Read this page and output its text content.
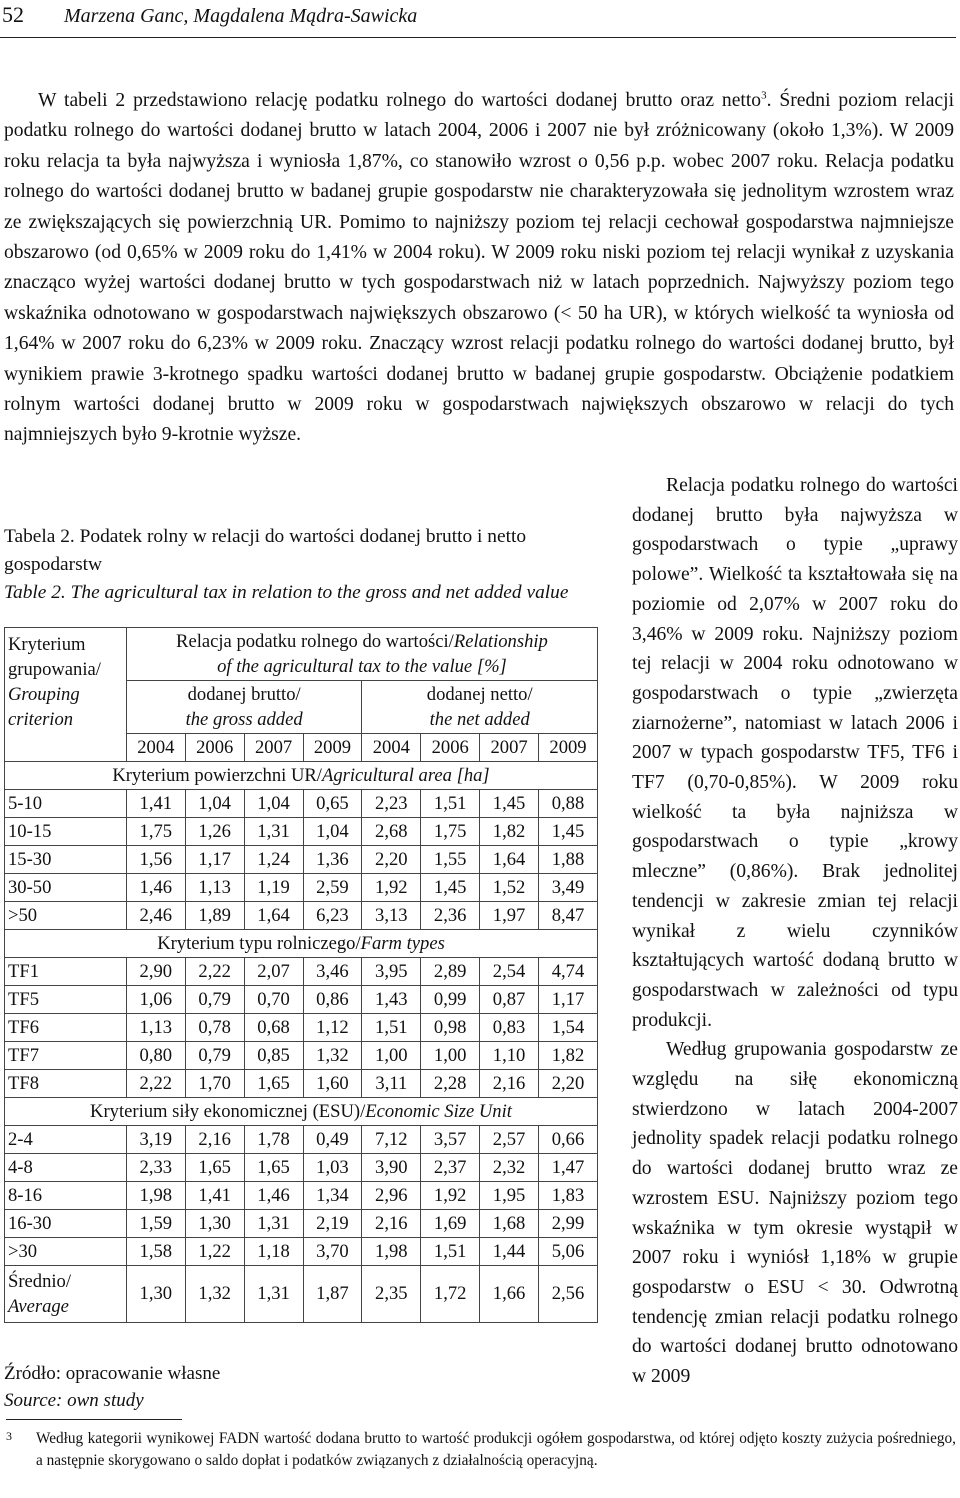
52 Marzena Ganc, Magdalena Mądra-Sawicka

W tabeli 2 przedstawiono relację podatku rolnego do wartości dodanej brutto oraz netto$^3$. Średni poziom relacji podatku rolnego do wartości dodanej brutto w latach 2004, 2006 i 2007 nie był zróżnicowany (około 1,3%). W 2009 roku relacja ta była najwyższa i wyniosła 1,87%, co stanowiło wzrost o 0,56 p.p. wobec 2007 roku. Relacja podatku rolnego do wartości dodanej brutto w badanej grupie gospodarstw nie charakteryzowała się jednolitym wzrostem wraz ze zwiększających się powierzchnią UR. Pomimo to najniższy poziom tej relacji cechował gospodarstwa najmniejsze obszarowo (od 0,65% w 2009 roku do 1,41% w 2004 roku). W 2009 roku niski poziom tej relacji wynikał z uzyskania znacząco wyżej wartości dodanej brutto w tych gospodarstwach niż w latach poprzednich. Najwyższy poziom tego wskaźnika odnotowano w gospodarstwach największych obszarowo (< 50 ha UR), w których wielkość ta wyniosła od 1,64% w 2007 roku do 6,23% w 2009 roku. Znaczący wzrost relacji podatku rolnego do wartości dodanej brutto, był wynikiem prawie 3-krotnego spadku wartości dodanej brutto w badanej grupie gospodarstw. Obciążenie podatkiem rolnym wartości dodanej brutto w 2009 roku w gospodarstwach największych obszarowo w relacji do tych najmniejszych było 9-krotnie wyższe.

Relacja podatku rolnego do wartości dodanej brutto była najwyższa w gospodarstwach o typie „uprawy polowe”. Wielkość ta kształtowała się na poziomie od 2,07% w 2007 roku do 3,46% w 2009 roku. Najniższy poziom tej relacji w 2004 roku odnotowano w gospodarstwach o typie „zwierzęta ziarnożerne”, natomiast w latach 2006 i 2007 w typach gospodarstw TF5, TF6 i TF7 (0,70-0,85%). W 2009 roku wielkość ta była najniższa w gospodarstwach o typie „krowy mleczne” (0,86%). Brak jednolitej tendencji w zakresie zmian tej relacji wynikał z wielu czynników kształtujących wartość dodaną brutto w gospodarstwach w zależności od typu produkcji.

Według grupowania gospodarstw ze względu na siłę ekonomiczną stwierdzono w latach 2004-2007 jednolity spadek relacji podatku rolnego do wartości dodanej brutto wraz ze wzrostem ESU. Najniższy poziom tego wskaźnika w tym okresie wystąpił w 2007 roku i wyniósł 1,18% w grupie gospodarstw o ESU < 30. Odwrotną tendencję zmian relacji podatku rolnego do wartości dodanej brutto odnotowano w 2009

Tabela 2. Podatek rolny w relacji do wartości dodanej brutto i netto gospodarstw
Table 2. The agricultural tax in relation to the gross and net added value
Kryterium grupowania/
Grouping criterion	Relacja podatku rolnego do wartości/Relationship
of the agricultural tax to the value [%]							
	dodanej brutto/
the gross added				dodanej netto/
the net added			
	2004	2006	2007	2009	2004	2006	2007	2009
Kryterium powierzchni UR/Agricultural area [ha]								
5-10	1,41	1,04	1,04	0,65	2,23	1,51	1,45	0,88
10-15	1,75	1,26	1,31	1,04	2,68	1,75	1,82	1,45
15-30	1,56	1,17	1,24	1,36	2,20	1,55	1,64	1,88
30-50	1,46	1,13	1,19	2,59	1,92	1,45	1,52	3,49
>50	2,46	1,89	1,64	6,23	3,13	2,36	1,97	8,47
Kryterium typu rolniczego/Farm types								
TF1	2,90	2,22	2,07	3,46	3,95	2,89	2,54	4,74
TF5	1,06	0,79	0,70	0,86	1,43	0,99	0,87	1,17
TF6	1,13	0,78	0,68	1,12	1,51	0,98	0,83	1,54
TF7	0,80	0,79	0,85	1,32	1,00	1,00	1,10	1,82
TF8	2,22	1,70	1,65	1,60	3,11	2,28	2,16	2,20
Kryterium siły ekonomicznej (ESU)/Economic Size Unit								
2-4	3,19	2,16	1,78	0,49	7,12	3,57	2,57	0,66
4-8	2,33	1,65	1,65	1,03	3,90	2,37	2,32	1,47
8-16	1,98	1,41	1,46	1,34	2,96	1,92	1,95	1,83
16-30	1,59	1,30	1,31	2,19	2,16	1,69	1,68	2,99
>30	1,58	1,22	1,18	3,70	1,98	1,51	1,44	5,06
Średnio/
Average	1,30	1,32	1,31	1,87	2,35	1,72	1,66	2,56
Źródło: opracowanie własne
Source: own study
3 Według kategorii wynikowej FADN wartość dodana brutto to wartość produkcji ogółem gospodarstwa, od której odjęto koszty zużycia pośredniego, a następnie skorygowano o saldo dopłat i podatków związanych z działalnością operacyjną.
